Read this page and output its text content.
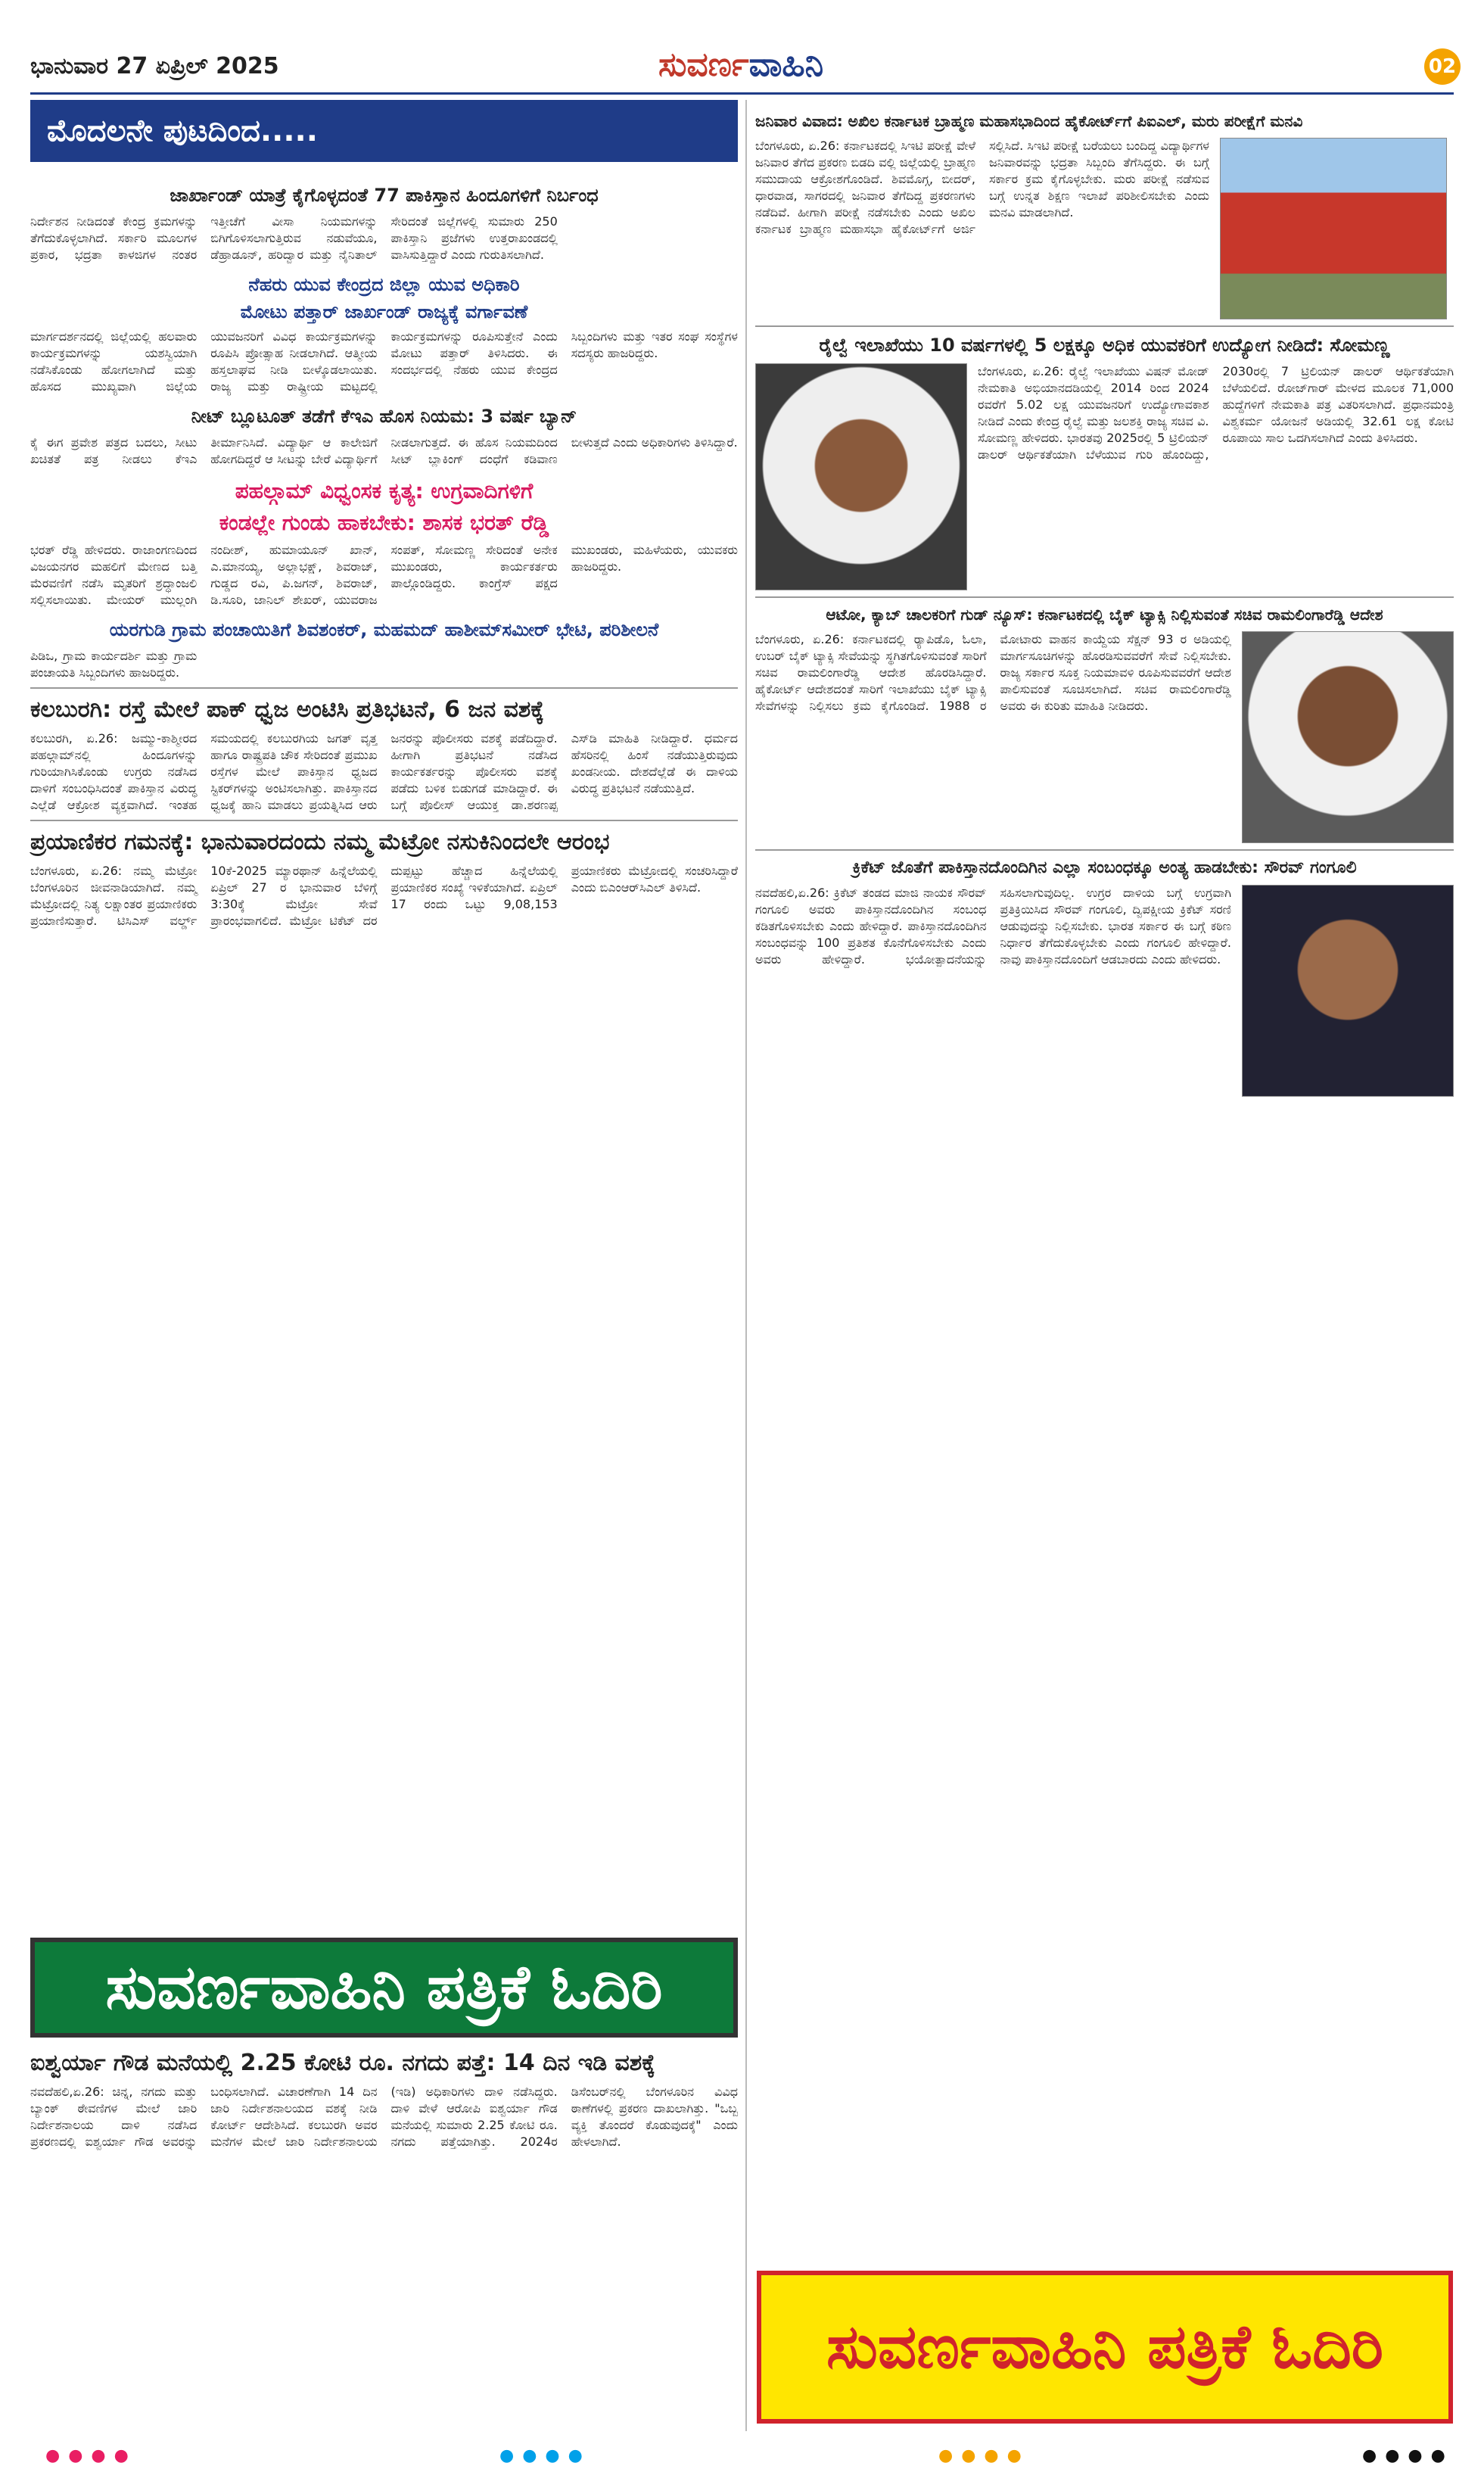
ಭಾನುವಾರ 27 ಏಪ್ರಿಲ್ 2025	ಸುವರ್ಣವಾಹಿನಿ	02
ಮೊದಲನೇ ಪುಟದಿಂದ.....
ಜಾರ್ಖಾಂಡ್ ಯಾತ್ರೆ ಕೈಗೊಳ್ಳದಂತೆ 77 ಪಾಕಿಸ್ತಾನ ಹಿಂದೂಗಳಿಗೆ ನಿರ್ಬಂಧ
ನಿರ್ದೇಶನ ನೀಡಿದಂತೆ ಕೇಂದ್ರ ಕ್ರಮಗಳನ್ನು ತೆಗೆದುಕೊಳ್ಳಲಾಗಿದೆ. ಸರ್ಕಾರಿ ಮೂಲಗಳ ಪ್ರಕಾರ, ಭದ್ರತಾ ಕಾಳಜಿಗಳ ನಂತರ ಇತ್ತೀಚೆಗೆ ವೀಸಾ ನಿಯಮಗಳನ್ನು ಬಿಗಿಗೊಳಿಸಲಾಗುತ್ತಿರುವ ನಡುವೆಯೂ, ಡೆಹ್ರಾಡೂನ್, ಹರಿದ್ವಾರ ಮತ್ತು ನೈನಿತಾಲ್ ಸೇರಿದಂತೆ ಜಿಲ್ಲೆಗಳಲ್ಲಿ ಸುಮಾರು 250 ಪಾಕಿಸ್ತಾನಿ ಪ್ರಜೆಗಳು ಉತ್ತರಾಖಂಡದಲ್ಲಿ ವಾಸಿಸುತ್ತಿದ್ದಾರೆ ಎಂದು ಗುರುತಿಸಲಾಗಿದೆ.
ನೆಹರು ಯುವ ಕೇಂದ್ರದ ಜಿಲ್ಲಾ ಯುವ ಅಧಿಕಾರಿ
ಮೋಟು ಪತ್ತಾರ್ ಜಾರ್ಖಂಡ್ ರಾಜ್ಯಕ್ಕೆ ವರ್ಗಾವಣೆ
ಮಾರ್ಗದರ್ಶನದಲ್ಲಿ ಜಿಲ್ಲೆಯಲ್ಲಿ ಹಲವಾರು ಕಾರ್ಯಕ್ರಮಗಳನ್ನು ಯಶಸ್ವಿಯಾಗಿ ನಡೆಸಿಕೊಂಡು ಹೋಗಲಾಗಿದೆ ಮತ್ತು ಹೊಸದ ಮುಖ್ಯವಾಗಿ ಜಿಲ್ಲೆಯ ಯುವಜನರಿಗೆ ವಿವಿಧ ಕಾರ್ಯಕ್ರಮಗಳನ್ನು ರೂಪಿಸಿ ಪ್ರೋತ್ಸಾಹ ನೀಡಲಾಗಿದೆ. ಆತ್ಮೀಯ ಹಸ್ತಲಾಘವ ನೀಡಿ ಬೀಳ್ಕೊಡಲಾಯಿತು. ರಾಜ್ಯ ಮತ್ತು ರಾಷ್ಟ್ರೀಯ ಮಟ್ಟದಲ್ಲಿ ಕಾರ್ಯಕ್ರಮಗಳನ್ನು ರೂಪಿಸುತ್ತೇನೆ ಎಂದು ಮೋಟು ಪತ್ತಾರ್ ತಿಳಿಸಿದರು. ಈ ಸಂದರ್ಭದಲ್ಲಿ ನೆಹರು ಯುವ ಕೇಂದ್ರದ ಸಿಬ್ಬಂದಿಗಳು ಮತ್ತು ಇತರ ಸಂಘ ಸಂಸ್ಥೆಗಳ ಸದಸ್ಯರು ಹಾಜರಿದ್ದರು.
ನೀಟ್ ಬ್ಲೂಟೂತ್ ತಡೆಗೆ ಕೆಇಎ ಹೊಸ ನಿಯಮ: 3 ವರ್ಷ ಬ್ಯಾನ್
ಕೈ ಈಗ ಪ್ರವೇಶ ಪತ್ರದ ಬದಲು, ಸೀಟು ಖಚಿತತೆ ಪತ್ರ ನೀಡಲು ಕೆಇಎ ತೀರ್ಮಾನಿಸಿದೆ. ವಿದ್ಯಾರ್ಥಿ ಆ ಕಾಲೇಜಿಗೆ ಹೋಗದಿದ್ದರೆ ಆ ಸೀಟನ್ನು ಬೇರೆ ವಿದ್ಯಾರ್ಥಿಗೆ ನೀಡಲಾಗುತ್ತದೆ. ಈ ಹೊಸ ನಿಯಮದಿಂದ ಸೀಟ್ ಬ್ಲಾಕಿಂಗ್ ದಂಧೆಗೆ ಕಡಿವಾಣ ಬೀಳುತ್ತದೆ ಎಂದು ಅಧಿಕಾರಿಗಳು ತಿಳಿಸಿದ್ದಾರೆ.
ಪಹಲ್ಗಾಮ್ ವಿಧ್ವಂಸಕ ಕೃತ್ಯ: ಉಗ್ರವಾದಿಗಳಿಗೆ
ಕಂಡಲ್ಲೇ ಗುಂಡು ಹಾಕಬೇಕು: ಶಾಸಕ ಭರತ್ ರೆಡ್ಡಿ
ಭರತ್ ರೆಡ್ಡಿ ಹೇಳಿದರು. ರಾಜಾಂಗಣದಿಂದ ವಿಜಯನಗರ ಮಹಲಿಗೆ ಮೇಣದ ಬತ್ತಿ ಮೆರವಣಿಗೆ ನಡೆಸಿ ಮೃತರಿಗೆ ಶ್ರದ್ಧಾಂಜಲಿ ಸಲ್ಲಿಸಲಾಯಿತು. ಮೇಯರ್ ಮುಲ್ಲಂಗಿ ನಂದೀಶ್, ಹುಮಾಯೂನ್ ಖಾನ್, ಎ.ಮಾನಯ್ಯ, ಅಲ್ಲಾಭಕ್ಷ್, ಶಿವರಾಜ್, ಗುಡ್ಡದ ರವಿ, ಪಿ.ಜಗನ್, ಶಿವರಾಜ್, ಡಿ.ಸೂರಿ, ಜಾನಿಲ್ ಶೇಖರ್, ಯುವರಾಜ ಸಂಪತ್, ಸೋಮಣ್ಣ ಸೇರಿದಂತೆ ಅನೇಕ ಮುಖಂಡರು, ಕಾರ್ಯಕರ್ತರು ಪಾಲ್ಗೊಂಡಿದ್ದರು. ಕಾಂಗ್ರೆಸ್ ಪಕ್ಷದ ಮುಖಂಡರು, ಮಹಿಳೆಯರು, ಯುವಕರು ಹಾಜರಿದ್ದರು.
ಯರಗುಡಿ ಗ್ರಾಮ ಪಂಚಾಯಿತಿಗೆ ಶಿವಶಂಕರ್, ಮಹಮದ್ ಹಾಶೀಮ್‌ಸಮೀರ್ ಭೇಟಿ, ಪರಿಶೀಲನೆ
ಪಿಡಿಒ, ಗ್ರಾಮ ಕಾರ್ಯದರ್ಶಿ ಮತ್ತು ಗ್ರಾಮ ಪಂಚಾಯತಿ ಸಿಬ್ಬಂದಿಗಳು ಹಾಜರಿದ್ದರು.
ಕಲಬುರಗಿ: ರಸ್ತೆ ಮೇಲೆ ಪಾಕ್ ಧ್ವಜ ಅಂಟಿಸಿ ಪ್ರತಿಭಟನೆ, 6 ಜನ ವಶಕ್ಕೆ
ಕಲಬುರಗಿ, ಏ.26: ಜಮ್ಮು-ಕಾಶ್ಮೀರದ ಪಹಲ್ಗಾಮ್‌ನಲ್ಲಿ ಹಿಂದೂಗಳನ್ನು ಗುರಿಯಾಗಿಸಿಕೊಂಡು ಉಗ್ರರು ನಡೆಸಿದ ದಾಳಿಗೆ ಸಂಬಂಧಿಸಿದಂತೆ ಪಾಕಿಸ್ತಾನ ವಿರುದ್ಧ ಎಲ್ಲೆಡೆ ಆಕ್ರೋಶ ವ್ಯಕ್ತವಾಗಿದೆ. ಇಂತಹ ಸಮಯದಲ್ಲಿ ಕಲಬುರಗಿಯ ಜಗತ್ ವೃತ್ತ ಹಾಗೂ ರಾಷ್ಟ್ರಪತಿ ಚೌಕ ಸೇರಿದಂತೆ ಪ್ರಮುಖ ರಸ್ತೆಗಳ ಮೇಲೆ ಪಾಕಿಸ್ತಾನ ಧ್ವಜದ ಸ್ಟಿಕರ್‌ಗಳನ್ನು ಅಂಟಿಸಲಾಗಿತ್ತು. ಪಾಕಿಸ್ತಾನದ ಧ್ವಜಕ್ಕೆ ಹಾನಿ ಮಾಡಲು ಪ್ರಯತ್ನಿಸಿದ ಆರು ಜನರನ್ನು ಪೊಲೀಸರು ವಶಕ್ಕೆ ಪಡೆದಿದ್ದಾರೆ. ಹೀಗಾಗಿ ಪ್ರತಿಭಟನೆ ನಡೆಸಿದ ಕಾರ್ಯಕರ್ತರನ್ನು ಪೊಲೀಸರು ವಶಕ್ಕೆ ಪಡೆದು ಬಳಿಕ ಬಿಡುಗಡೆ ಮಾಡಿದ್ದಾರೆ. ಈ ಬಗ್ಗೆ ಪೊಲೀಸ್ ಆಯುಕ್ತ ಡಾ.ಶರಣಪ್ಪ ಎಸ್‌ಡಿ ಮಾಹಿತಿ ನೀಡಿದ್ದಾರೆ. ಧರ್ಮದ ಹೆಸರಿನಲ್ಲಿ ಹಿಂಸೆ ನಡೆಯುತ್ತಿರುವುದು ಖಂಡನೀಯ. ದೇಶದೆಲ್ಲೆಡೆ ಈ ದಾಳಿಯ ವಿರುದ್ಧ ಪ್ರತಿಭಟನೆ ನಡೆಯುತ್ತಿದೆ.
ಪ್ರಯಾಣಿಕರ ಗಮನಕ್ಕೆ: ಭಾನುವಾರದಂದು ನಮ್ಮ ಮೆಟ್ರೋ ನಸುಕಿನಿಂದಲೇ ಆರಂಭ
ಬೆಂಗಳೂರು, ಏ.26: ನಮ್ಮ ಮೆಟ್ರೋ ಬೆಂಗಳೂರಿನ ಜೀವನಾಡಿಯಾಗಿದೆ. ನಮ್ಮ ಮೆಟ್ರೋದಲ್ಲಿ ನಿತ್ಯ ಲಕ್ಷಾಂತರ ಪ್ರಯಾಣಿಕರು ಪ್ರಯಾಣಿಸುತ್ತಾರೆ. ಟಿಸಿಎಸ್ ವರ್ಲ್ಡ್ 10ಕೆ-2025 ಮ್ಯಾರಥಾನ್ ಹಿನ್ನೆಲೆಯಲ್ಲಿ ಏಪ್ರಿಲ್ 27 ರ ಭಾನುವಾರ ಬೆಳಿಗ್ಗೆ 3:30ಕ್ಕೆ ಮೆಟ್ರೋ ಸೇವೆ ಪ್ರಾರಂಭವಾಗಲಿದೆ. ಮೆಟ್ರೋ ಟಿಕೆಟ್ ದರ ದುಪ್ಪಟ್ಟು ಹೆಚ್ಚಾದ ಹಿನ್ನೆಲೆಯಲ್ಲಿ ಪ್ರಯಾಣಿಕರ ಸಂಖ್ಯೆ ಇಳಿಕೆಯಾಗಿದೆ. ಏಪ್ರಿಲ್ 17 ರಂದು ಒಟ್ಟು 9,08,153 ಪ್ರಯಾಣಿಕರು ಮೆಟ್ರೋದಲ್ಲಿ ಸಂಚರಿಸಿದ್ದಾರೆ ಎಂದು ಬಿಎಂಆರ್‌ಸಿಎಲ್ ತಿಳಿಸಿದೆ.
ಸುವರ್ಣವಾಹಿನಿ ಪತ್ರಿಕೆ ಓದಿರಿ
ಐಶ್ವರ್ಯಾ ಗೌಡ ಮನೆಯಲ್ಲಿ 2.25 ಕೋಟಿ ರೂ. ನಗದು ಪತ್ತೆ: 14 ದಿನ ಇಡಿ ವಶಕ್ಕೆ
ನವದೆಹಲಿ,ಏ.26: ಚಿನ್ನ, ನಗದು ಮತ್ತು ಬ್ಯಾಂಕ್ ಠೇವಣಿಗಳ ಮೇಲೆ ಜಾರಿ ನಿರ್ದೇಶನಾಲಯ ದಾಳಿ ನಡೆಸಿದ ಪ್ರಕರಣದಲ್ಲಿ ಐಶ್ವರ್ಯಾ ಗೌಡ ಅವರನ್ನು ಬಂಧಿಸಲಾಗಿದೆ. ವಿಚಾರಣೆಗಾಗಿ 14 ದಿನ ಜಾರಿ ನಿರ್ದೇಶನಾಲಯದ ವಶಕ್ಕೆ ನೀಡಿ ಕೋರ್ಟ್ ಆದೇಶಿಸಿದೆ. ಕಲಬುರಗಿ ಅವರ ಮನೆಗಳ ಮೇಲೆ ಜಾರಿ ನಿರ್ದೇಶನಾಲಯ (ಇಡಿ) ಅಧಿಕಾರಿಗಳು ದಾಳಿ ನಡೆಸಿದ್ದರು. ದಾಳಿ ವೇಳೆ ಆರೋಪಿ ಐಶ್ವರ್ಯಾ ಗೌಡ ಮನೆಯಲ್ಲಿ ಸುಮಾರು 2.25 ಕೋಟಿ ರೂ. ನಗದು ಪತ್ತೆಯಾಗಿತ್ತು. 2024ರ ಡಿಸೆಂಬರ್‌ನಲ್ಲಿ ಬೆಂಗಳೂರಿನ ವಿವಿಧ ಠಾಣೆಗಳಲ್ಲಿ ಪ್ರಕರಣ ದಾಖಲಾಗಿತ್ತು. "ಒಬ್ಬ ವ್ಯಕ್ತಿ ತೊಂದರೆ ಕೊಡುವುದಕ್ಕೆ" ಎಂದು ಹೇಳಲಾಗಿದೆ.
ಜನಿವಾರ ವಿವಾದ: ಅಖಿಲ ಕರ್ನಾಟಕ ಬ್ರಾಹ್ಮಣ ಮಹಾಸಭಾದಿಂದ ಹೈಕೋರ್ಟ್‌ಗೆ ಪಿಐಎಲ್, ಮರು ಪರೀಕ್ಷೆಗೆ ಮನವಿ
ಬೆಂಗಳೂರು, ಏ.26: ಕರ್ನಾಟಕದಲ್ಲಿ ಸಿಇಟಿ ಪರೀಕ್ಷೆ ವೇಳೆ ಜನಿವಾರ ತೆಗೆದ ಪ್ರಕರಣ ಬಿಡದಿ ವಲ್ಲಿ ಜಿಲ್ಲೆಯಲ್ಲಿ ಬ್ರಾಹ್ಮಣ ಸಮುದಾಯ ಆಕ್ರೋಶಗೊಂಡಿದೆ. ಶಿವಮೊಗ್ಗ, ಬೀದರ್, ಧಾರವಾಡ, ಸಾಗರದಲ್ಲಿ ಜನಿವಾರ ತೆಗೆದಿದ್ದ ಪ್ರಕರಣಗಳು ನಡೆದಿವೆ. ಹೀಗಾಗಿ ಪರೀಕ್ಷೆ ನಡೆಸಬೇಕು ಎಂದು ಅಖಿಲ ಕರ್ನಾಟಕ ಬ್ರಾಹ್ಮಣ ಮಹಾಸಭಾ ಹೈಕೋರ್ಟ್‌ಗೆ ಅರ್ಜಿ ಸಲ್ಲಿಸಿದೆ. ಸಿಇಟಿ ಪರೀಕ್ಷೆ ಬರೆಯಲು ಬಂದಿದ್ದ ವಿದ್ಯಾರ್ಥಿಗಳ ಜನಿವಾರವನ್ನು ಭದ್ರತಾ ಸಿಬ್ಬಂದಿ ತೆಗೆಸಿದ್ದರು. ಈ ಬಗ್ಗೆ ಸರ್ಕಾರ ಕ್ರಮ ಕೈಗೊಳ್ಳಬೇಕು. ಮರು ಪರೀಕ್ಷೆ ನಡೆಸುವ ಬಗ್ಗೆ ಉನ್ನತ ಶಿಕ್ಷಣ ಇಲಾಖೆ ಪರಿಶೀಲಿಸಬೇಕು ಎಂದು ಮನವಿ ಮಾಡಲಾಗಿದೆ.
ರೈಲ್ವೆ ಇಲಾಖೆಯು 10 ವರ್ಷಗಳಲ್ಲಿ 5 ಲಕ್ಷಕ್ಕೂ ಅಧಿಕ ಯುವಕರಿಗೆ ಉದ್ಯೋಗ ನೀಡಿದೆ: ಸೋಮಣ್ಣ
ಬೆಂಗಳೂರು, ಏ.26: ರೈಲ್ವೆ ಇಲಾಖೆಯು ವಿಷನ್ ಮೋಡ್ ನೇಮಕಾತಿ ಅಭಿಯಾನದಡಿಯಲ್ಲಿ 2014 ರಿಂದ 2024 ರವರೆಗೆ 5.02 ಲಕ್ಷ ಯುವಜನರಿಗೆ ಉದ್ಯೋಗಾವಕಾಶ ನೀಡಿದೆ ಎಂದು ಕೇಂದ್ರ ರೈಲ್ವೆ ಮತ್ತು ಜಲಶಕ್ತಿ ರಾಜ್ಯ ಸಚಿವ ವಿ. ಸೋಮಣ್ಣ ಹೇಳಿದರು. ಭಾರತವು 2025ರಲ್ಲಿ 5 ಟ್ರಿಲಿಯನ್ ಡಾಲರ್ ಆರ್ಥಿಕತೆಯಾಗಿ ಬೆಳೆಯುವ ಗುರಿ ಹೊಂದಿದ್ದು, 2030ರಲ್ಲಿ 7 ಟ್ರಿಲಿಯನ್ ಡಾಲರ್ ಆರ್ಥಿಕತೆಯಾಗಿ ಬೆಳೆಯಲಿದೆ. ರೋಜ್‌ಗಾರ್ ಮೇಳದ ಮೂಲಕ 71,000 ಹುದ್ದೆಗಳಿಗೆ ನೇಮಕಾತಿ ಪತ್ರ ವಿತರಿಸಲಾಗಿದೆ. ಪ್ರಧಾನಮಂತ್ರಿ ವಿಶ್ವಕರ್ಮ ಯೋಜನೆ ಅಡಿಯಲ್ಲಿ 32.61 ಲಕ್ಷ ಕೋಟಿ ರೂಪಾಯಿ ಸಾಲ ಒದಗಿಸಲಾಗಿದೆ ಎಂದು ತಿಳಿಸಿದರು.
ಆಟೋ, ಕ್ಯಾಬ್ ಚಾಲಕರಿಗೆ ಗುಡ್ ನ್ಯೂಸ್: ಕರ್ನಾಟಕದಲ್ಲಿ ಬೈಕ್ ಟ್ಯಾಕ್ಸಿ ನಿಲ್ಲಿಸುವಂತೆ ಸಚಿವ ರಾಮಲಿಂಗಾರೆಡ್ಡಿ ಆದೇಶ
ಬೆಂಗಳೂರು, ಏ.26: ಕರ್ನಾಟಕದಲ್ಲಿ ರ‍್ಯಾಪಿಡೊ, ಓಲಾ, ಉಬರ್ ಬೈಕ್ ಟ್ಯಾಕ್ಸಿ ಸೇವೆಯನ್ನು ಸ್ಥಗಿತಗೊಳಿಸುವಂತೆ ಸಾರಿಗೆ ಸಚಿವ ರಾಮಲಿಂಗಾರೆಡ್ಡಿ ಆದೇಶ ಹೊರಡಿಸಿದ್ದಾರೆ. ಹೈಕೋರ್ಟ್ ಆದೇಶದಂತೆ ಸಾರಿಗೆ ಇಲಾಖೆಯು ಬೈಕ್ ಟ್ಯಾಕ್ಸಿ ಸೇವೆಗಳನ್ನು ನಿಲ್ಲಿಸಲು ಕ್ರಮ ಕೈಗೊಂಡಿದೆ. 1988 ರ ಮೋಟಾರು ವಾಹನ ಕಾಯ್ದೆಯ ಸೆಕ್ಷನ್ 93 ರ ಅಡಿಯಲ್ಲಿ ಮಾರ್ಗಸೂಚಿಗಳನ್ನು ಹೊರಡಿಸುವವರೆಗೆ ಸೇವೆ ನಿಲ್ಲಿಸಬೇಕು. ರಾಜ್ಯ ಸರ್ಕಾರ ಸೂಕ್ತ ನಿಯಮಾವಳಿ ರೂಪಿಸುವವರೆಗೆ ಆದೇಶ ಪಾಲಿಸುವಂತೆ ಸೂಚಿಸಲಾಗಿದೆ. ಸಚಿವ ರಾಮಲಿಂಗಾರೆಡ್ಡಿ ಅವರು ಈ ಕುರಿತು ಮಾಹಿತಿ ನೀಡಿದರು.
ಕ್ರಿಕೆಟ್ ಜೊತೆಗೆ ಪಾಕಿಸ್ತಾನದೊಂದಿಗಿನ ಎಲ್ಲಾ ಸಂಬಂಧಕ್ಕೂ ಅಂತ್ಯ ಹಾಡಬೇಕು: ಸೌರವ್ ಗಂಗೂಲಿ
ನವದೆಹಲಿ,ಏ.26: ಕ್ರಿಕೆಟ್ ತಂಡದ ಮಾಜಿ ನಾಯಕ ಸೌರವ್ ಗಂಗೂಲಿ ಅವರು ಪಾಕಿಸ್ತಾನದೊಂದಿಗಿನ ಸಂಬಂಧ ಕಡಿತಗೊಳಿಸಬೇಕು ಎಂದು ಹೇಳಿದ್ದಾರೆ. ಪಾಕಿಸ್ತಾನದೊಂದಿಗಿನ ಸಂಬಂಧವನ್ನು 100 ಪ್ರತಿಶತ ಕೊನೆಗೊಳಿಸಬೇಕು ಎಂದು ಅವರು ಹೇಳಿದ್ದಾರೆ. ಭಯೋತ್ಪಾದನೆಯನ್ನು ಸಹಿಸಲಾಗುವುದಿಲ್ಲ. ಉಗ್ರರ ದಾಳಿಯ ಬಗ್ಗೆ ಉಗ್ರವಾಗಿ ಪ್ರತಿಕ್ರಿಯಿಸಿದ ಸೌರವ್ ಗಂಗೂಲಿ, ದ್ವಿಪಕ್ಷೀಯ ಕ್ರಿಕೆಟ್ ಸರಣಿ ಆಡುವುದನ್ನು ನಿಲ್ಲಿಸಬೇಕು. ಭಾರತ ಸರ್ಕಾರ ಈ ಬಗ್ಗೆ ಕಠಿಣ ನಿರ್ಧಾರ ತೆಗೆದುಕೊಳ್ಳಬೇಕು ಎಂದು ಗಂಗೂಲಿ ಹೇಳಿದ್ದಾರೆ. ನಾವು ಪಾಕಿಸ್ತಾನದೊಂದಿಗೆ ಆಡಬಾರದು ಎಂದು ಹೇಳಿದರು.
ಸುವರ್ಣವಾಹಿನಿ ಪತ್ರಿಕೆ ಓದಿರಿ
● ● ● ●	● ● ● ●	● ● ● ●	● ● ● ●
